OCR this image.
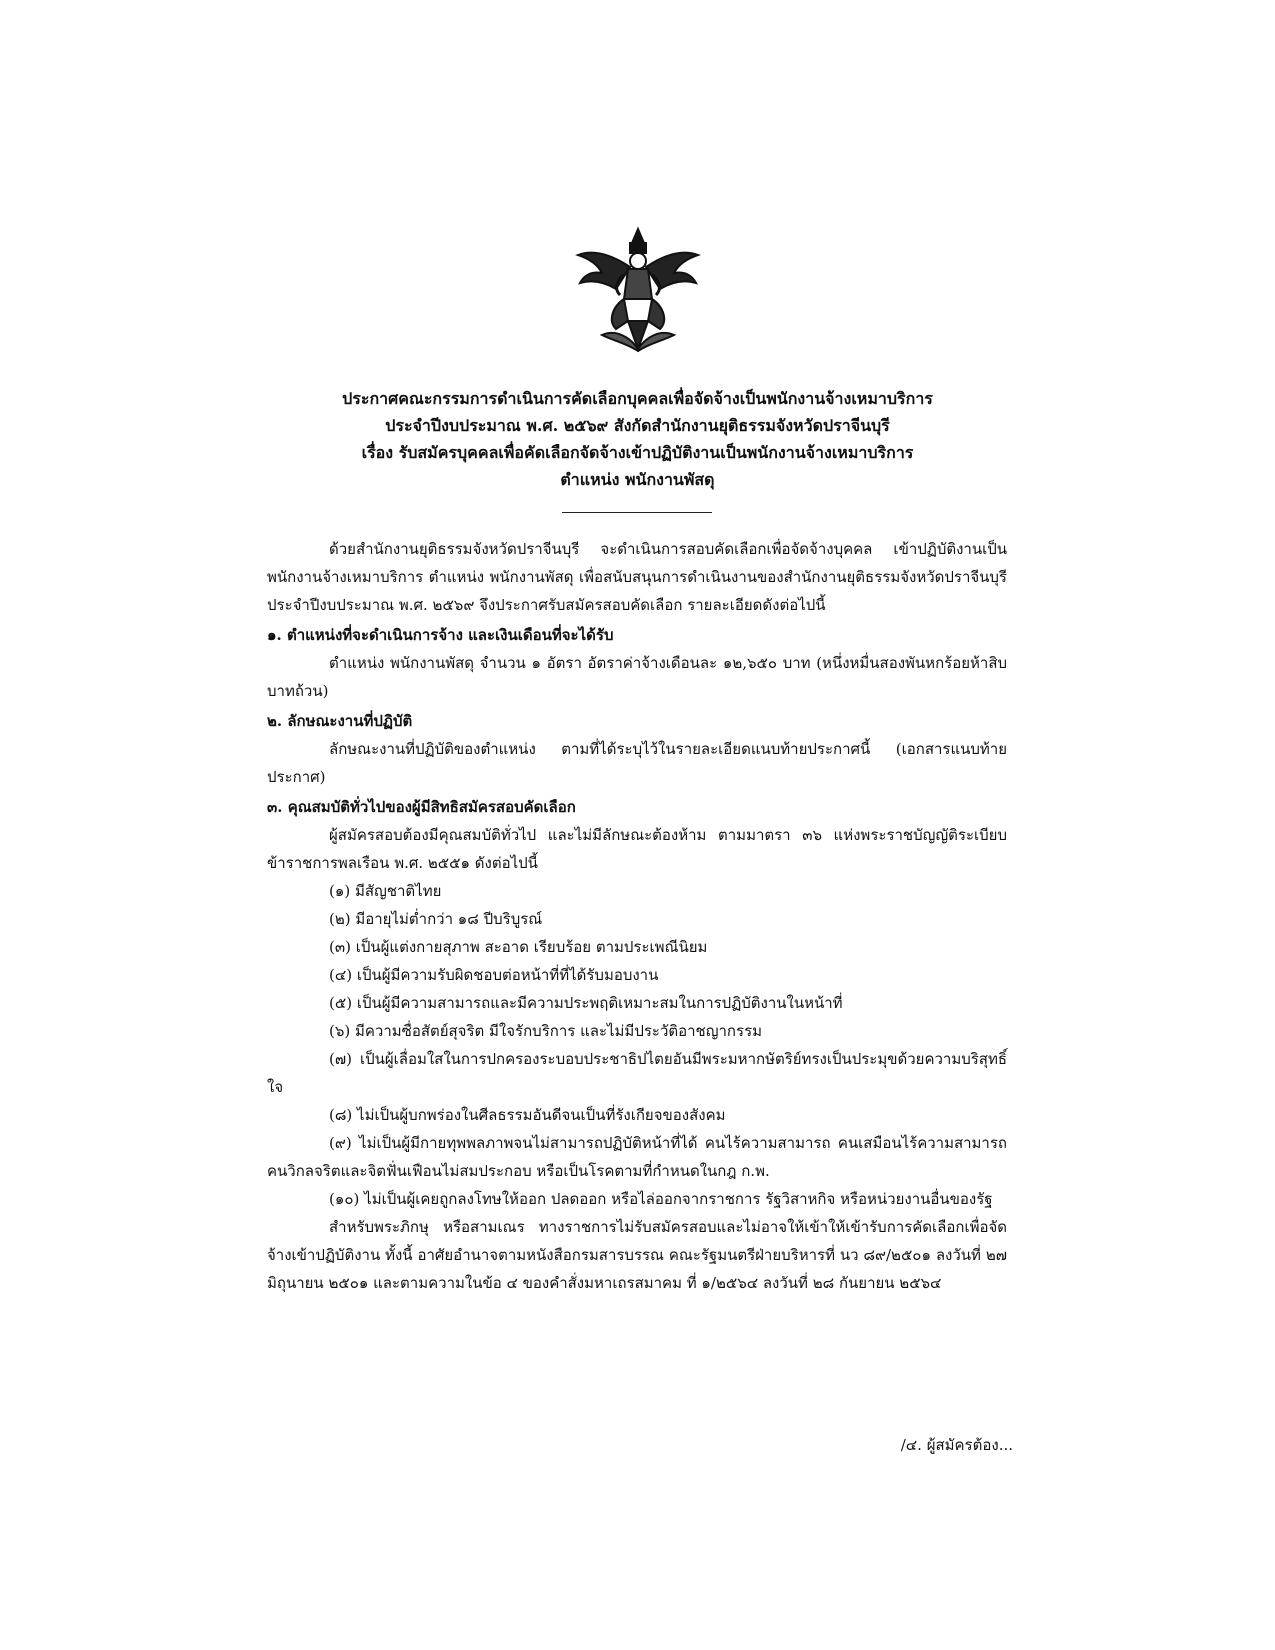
ประกาศคณะกรรมการดำเนินการคัดเลือกบุคคลเพื่อจัดจ้างเป็นพนักงานจ้างเหมาบริการ
ประจำปีงบประมาณ พ.ศ. ๒๕๖๙ สังกัดสำนักงานยุติธรรมจังหวัดปราจีนบุรี
เรื่อง รับสมัครบุคคลเพื่อคัดเลือกจัดจ้างเข้าปฏิบัติงานเป็นพนักงานจ้างเหมาบริการ
ตำแหน่ง พนักงานพัสดุ

ด้วยสำนักงานยุติธรรมจังหวัดปราจีนบุรี จะดำเนินการสอบคัดเลือกเพื่อจัดจ้างบุคคล เข้าปฏิบัติงานเป็นพนักงานจ้างเหมาบริการ ตำแหน่ง พนักงานพัสดุ เพื่อสนับสนุนการดำเนินงานของสำนักงานยุติธรรมจังหวัดปราจีนบุรี ประจำปีงบประมาณ พ.ศ. ๒๕๖๙ จึงประกาศรับสมัครสอบคัดเลือก รายละเอียดดังต่อไปนี้

๑. ตำแหน่งที่จะดำเนินการจ้าง และเงินเดือนที่จะได้รับ

ตำแหน่ง พนักงานพัสดุ จำนวน ๑ อัตรา อัตราค่าจ้างเดือนละ ๑๒,๖๕๐ บาท (หนึ่งหมื่นสองพันหกร้อยห้าสิบบาทถ้วน)

๒. ลักษณะงานที่ปฏิบัติ

ลักษณะงานที่ปฏิบัติของตำแหน่ง ตามที่ได้ระบุไว้ในรายละเอียดแนบท้ายประกาศนี้ (เอกสารแนบท้ายประกาศ)

๓. คุณสมบัติทั่วไปของผู้มีสิทธิสมัครสอบคัดเลือก

ผู้สมัครสอบต้องมีคุณสมบัติทั่วไป และไม่มีลักษณะต้องห้าม ตามมาตรา ๓๖ แห่งพระราชบัญญัติระเบียบข้าราชการพลเรือน พ.ศ. ๒๕๕๑ ดังต่อไปนี้

(๑) มีสัญชาติไทย
(๒) มีอายุไม่ต่ำกว่า ๑๘ ปีบริบูรณ์
(๓) เป็นผู้แต่งกายสุภาพ สะอาด เรียบร้อย ตามประเพณีนิยม
(๔) เป็นผู้มีความรับผิดชอบต่อหน้าที่ที่ได้รับมอบงาน
(๕) เป็นผู้มีความสามารถและมีความประพฤติเหมาะสมในการปฏิบัติงานในหน้าที่
(๖) มีความซื่อสัตย์สุจริต มีใจรักบริการ และไม่มีประวัติอาชญากรรม
(๗) เป็นผู้เลื่อมใสในการปกครองระบอบประชาธิปไตยอันมีพระมหากษัตริย์ทรงเป็นประมุขด้วยความบริสุทธิ์ใจ
(๘) ไม่เป็นผู้บกพร่องในศีลธรรมอันดีจนเป็นที่รังเกียจของสังคม
(๙) ไม่เป็นผู้มีกายทุพพลภาพจนไม่สามารถปฏิบัติหน้าที่ได้ คนไร้ความสามารถ คนเสมือนไร้ความสามารถ คนวิกลจริตและจิตฟั่นเฟือนไม่สมประกอบ หรือเป็นโรคตามที่กำหนดในกฎ ก.พ.
(๑๐) ไม่เป็นผู้เคยถูกลงโทษให้ออก ปลดออก หรือไล่ออกจากราชการ รัฐวิสาหกิจ หรือหน่วยงานอื่นของรัฐ

สำหรับพระภิกษุ หรือสามเณร ทางราชการไม่รับสมัครสอบและไม่อาจให้เข้าให้เข้ารับการคัดเลือกเพื่อจัดจ้างเข้าปฏิบัติงาน ทั้งนี้ อาศัยอำนาจตามหนังสือกรมสารบรรณ คณะรัฐมนตรีฝ่ายบริหารที่ นว ๘๙/๒๕๐๑ ลงวันที่ ๒๗ มิถุนายน ๒๕๐๑ และตามความในข้อ ๔ ของคำสั่งมหาเถรสมาคม ที่ ๑/๒๕๖๔ ลงวันที่ ๒๘ กันยายน ๒๕๖๔

/๔. ผู้สมัครต้อง...
